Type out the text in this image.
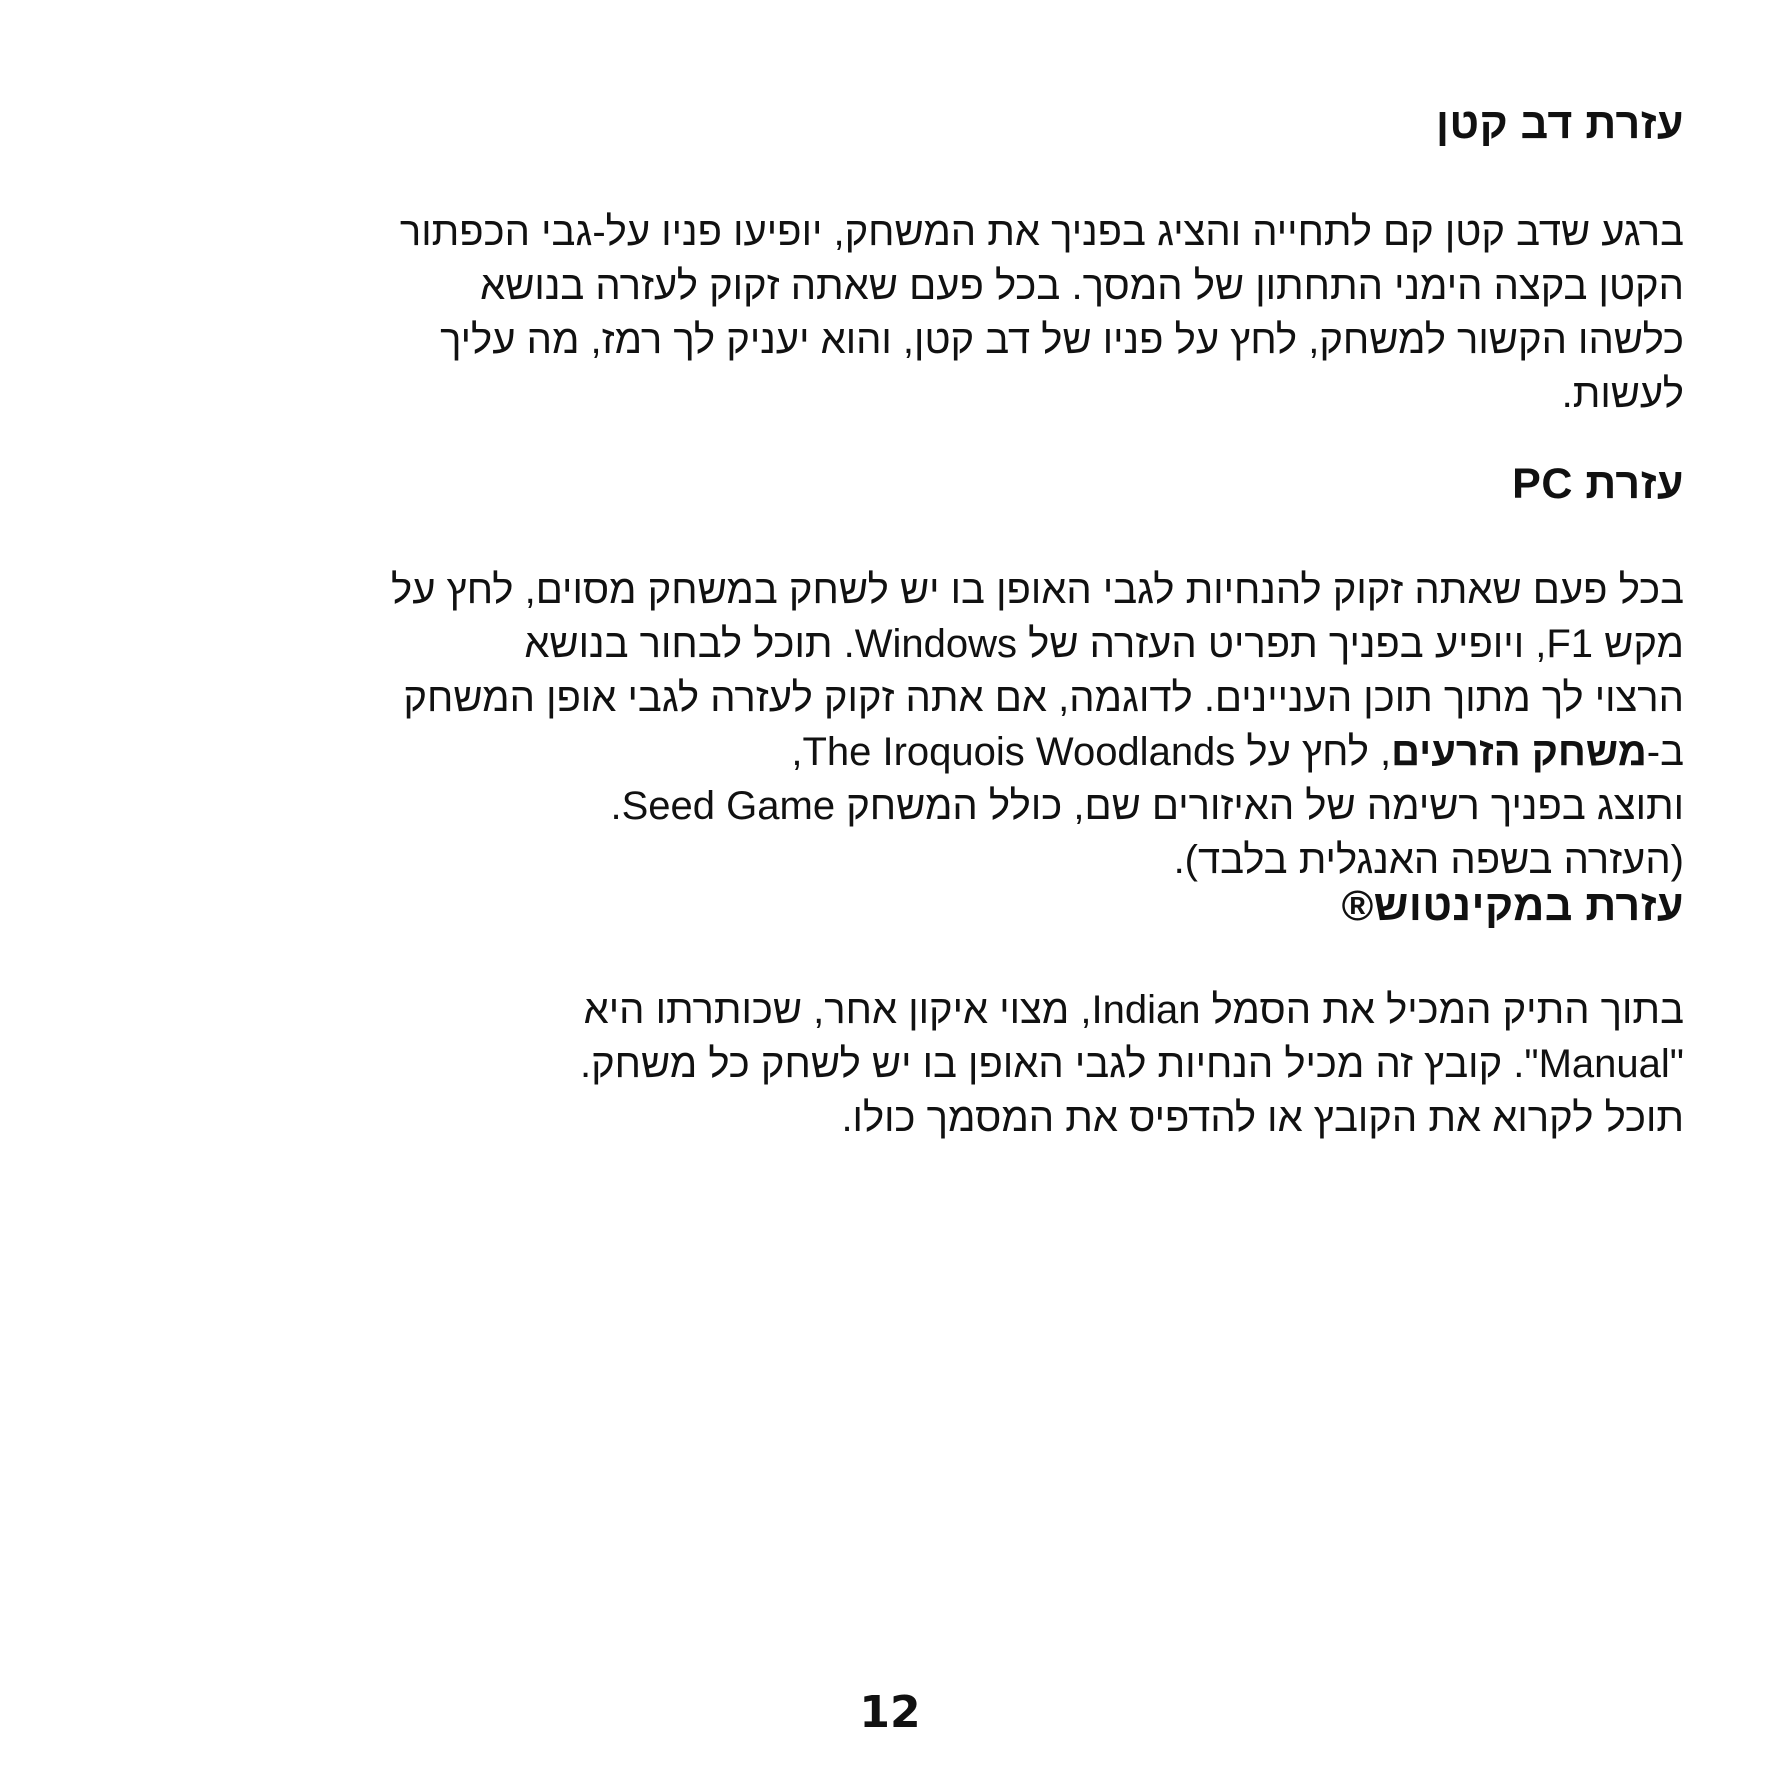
עזרת דב קטן
ברגע שדב קטן קם לתחייה והציג בפניך את המשחק, יופיעו פניו על-גבי הכפתור
הקטן בקצה הימני התחתון של המסך. בכל פעם שאתה זקוק לעזרה בנושא
כלשהו הקשור למשחק, לחץ על פניו של דב קטן, והוא יעניק לך רמז, מה עליך
לעשות.
עזרת PC
בכל פעם שאתה זקוק להנחיות לגבי האופן בו יש לשחק במשחק מסוים, לחץ על
מקש F1, ויופיע בפניך תפריט העזרה של Windows. תוכל לבחור בנושא
הרצוי לך מתוך תוכן העניינים. לדוגמה, אם אתה זקוק לעזרה לגבי אופן המשחק
ב-משחק הזרעים, לחץ על The Iroquois Woodlands,
ותוצג בפניך רשימה של האיזורים שם, כולל המשחק Seed Game.
(העזרה בשפה האנגלית בלבד).
עזרת במקינטוש®
בתוך התיק המכיל את הסמל Indian, מצוי איקון אחר, שכותרתו היא
"Manual". קובץ זה מכיל הנחיות לגבי האופן בו יש לשחק כל משחק.
תוכל לקרוא את הקובץ או להדפיס את המסמך כולו.
12
